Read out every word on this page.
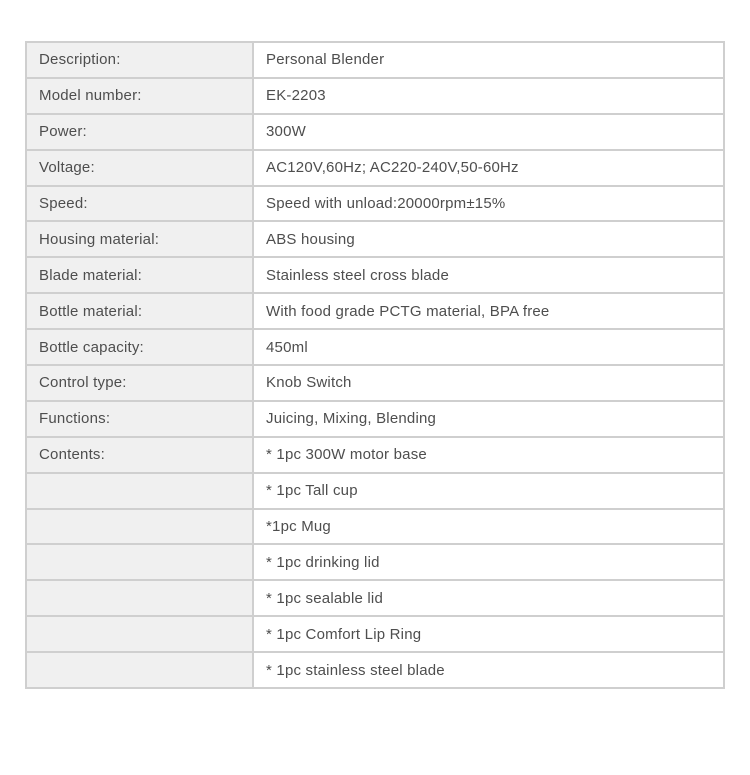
Description:	Personal Blender
Model number:	EK-2203
Power:	300W
Voltage:	AC120V,60Hz; AC220-240V,50-60Hz
Speed:	Speed with unload:20000rpm±15%
Housing material:	ABS housing
Blade material:	Stainless steel cross blade
Bottle material:	With food grade PCTG material, BPA free
Bottle capacity:	450ml
Control type:	Knob Switch
Functions:	Juicing, Mixing, Blending
Contents:	* 1pc 300W motor base
	* 1pc Tall cup
	*1pc Mug
	* 1pc drinking lid
	* 1pc sealable lid
	* 1pc Comfort Lip Ring
	* 1pc stainless steel blade
